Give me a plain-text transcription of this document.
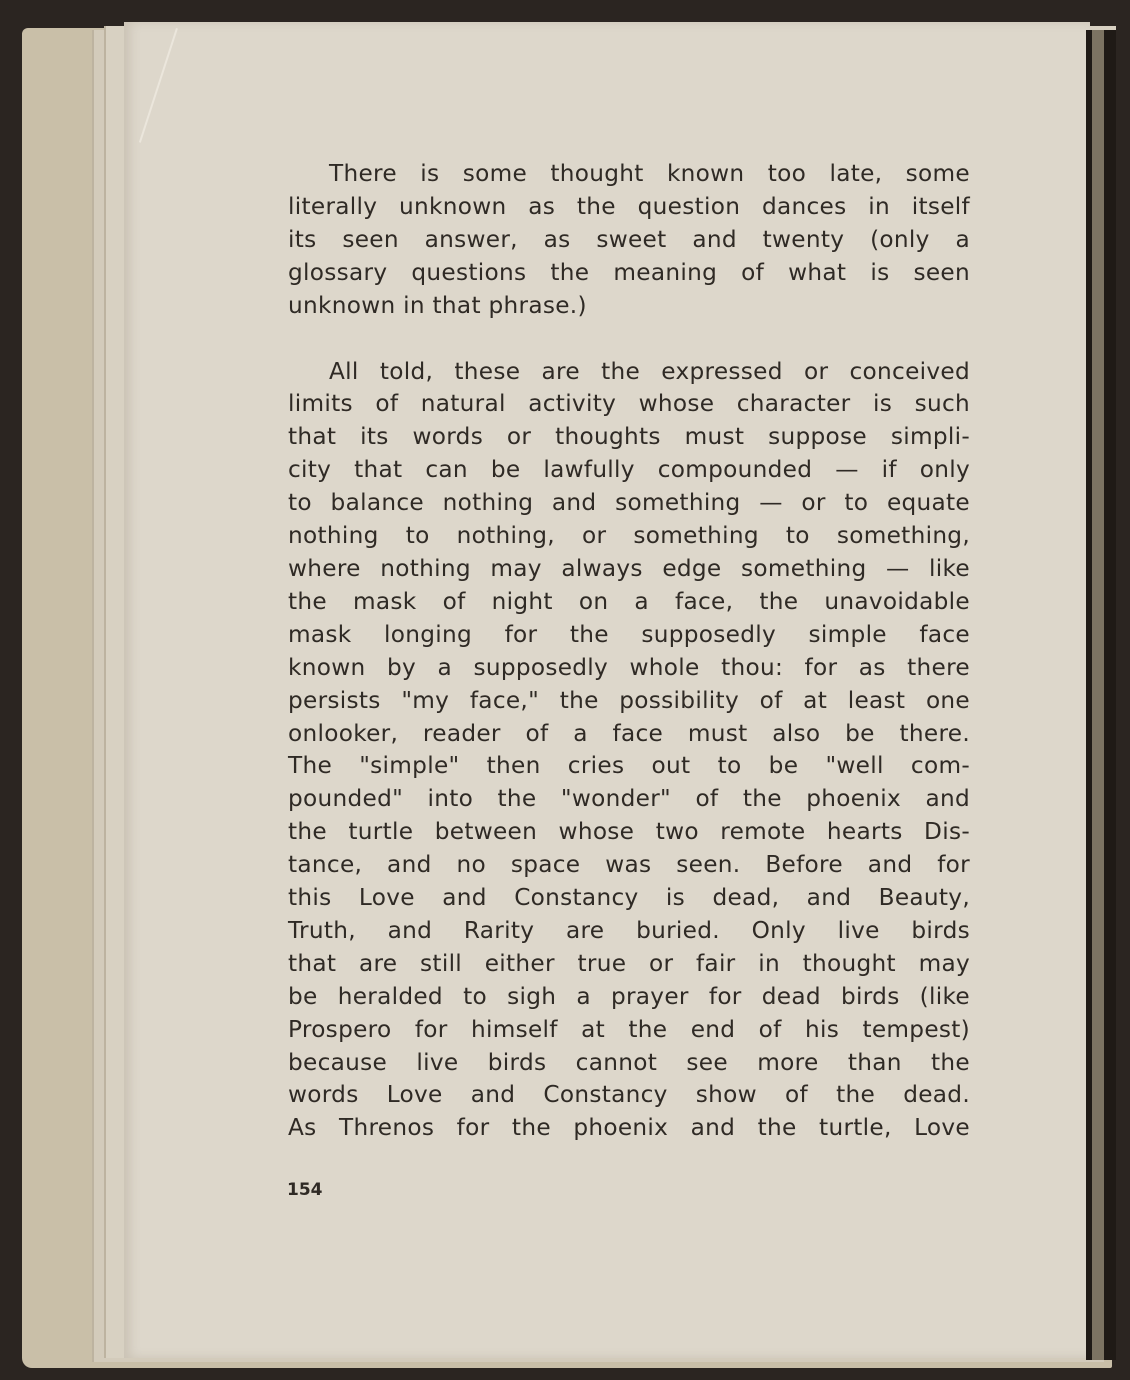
There is some thought known too late, some
literally unknown as the question dances in itself
its seen answer, as sweet and twenty (only a
glossary questions the meaning of what is seen
unknown in that phrase.)
All told, these are the expressed or conceived
limits of natural activity whose character is such
that its words or thoughts must suppose simpli-
city that can be lawfully compounded — if only
to balance nothing and something — or to equate
nothing to nothing, or something to something,
where nothing may always edge something — like
the mask of night on a face, the unavoidable
mask longing for the supposedly simple face
known by a supposedly whole thou: for as there
persists "my face," the possibility of at least one
onlooker, reader of a face must also be there.
The "simple" then cries out to be "well com-
pounded" into the "wonder" of the phoenix and
the turtle between whose two remote hearts Dis-
tance, and no space was seen. Before and for
this Love and Constancy is dead, and Beauty,
Truth, and Rarity are buried. Only live birds
that are still either true or fair in thought may
be heralded to sigh a prayer for dead birds (like
Prospero for himself at the end of his tempest)
because live birds cannot see more than the
words Love and Constancy show of the dead.
As Threnos for the phoenix and the turtle, Love
154
